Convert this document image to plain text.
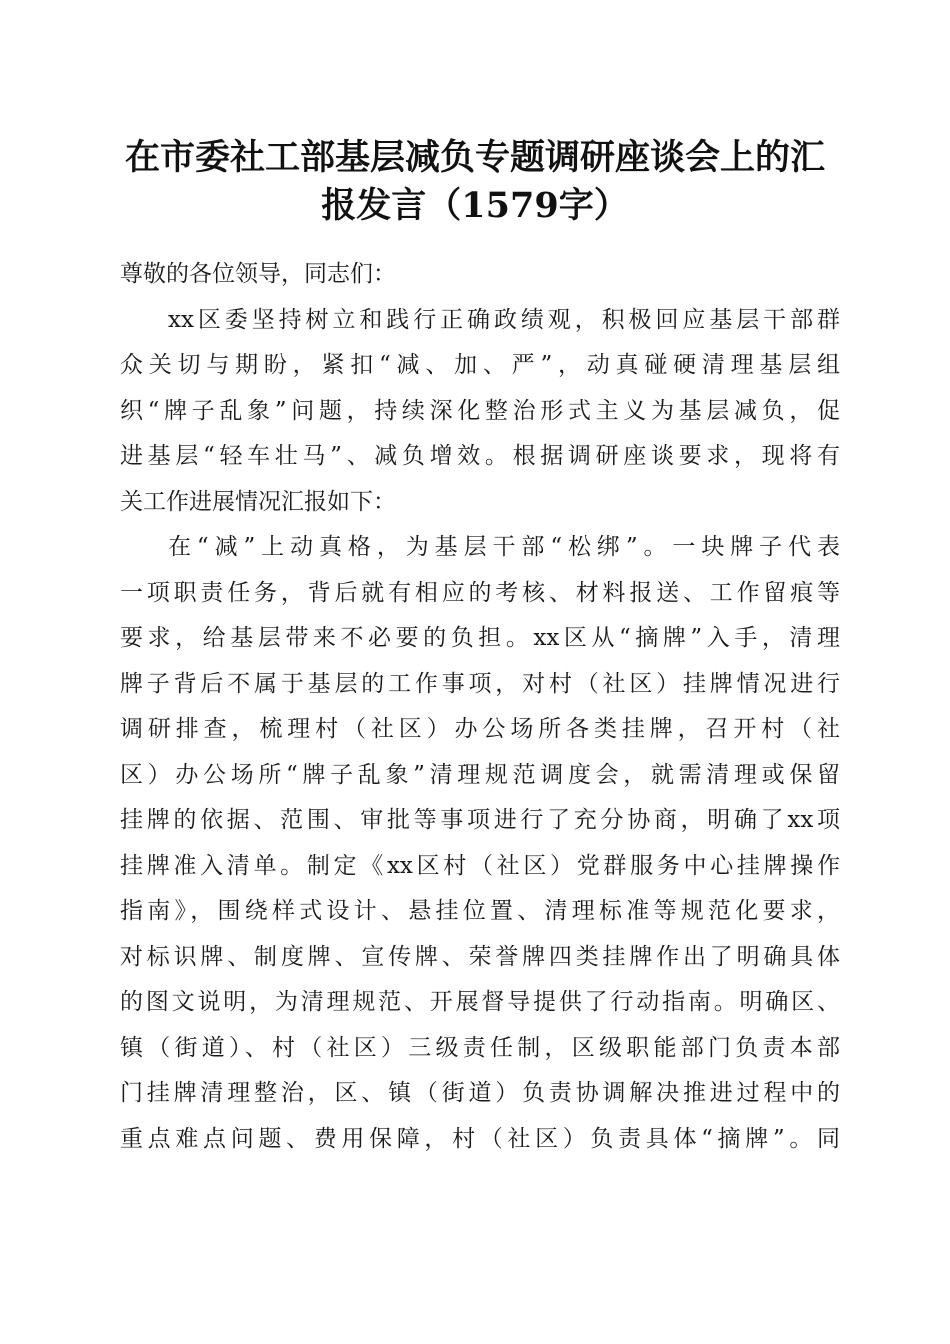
在市委社工部基层减负专题调研座谈会上的汇
报发言（1579字）
尊敬的各位领导，同志们：
xx区委坚持树立和践行正确政绩观，积极回应基层干部群
众关切与期盼，紧扣“减、加、严”，动真碰硬清理基层组
织“牌子乱象”问题，持续深化整治形式主义为基层减负，促
进基层“轻车壮马”、减负增效。根据调研座谈要求，现将有
关工作进展情况汇报如下：
在“减”上动真格，为基层干部“松绑”。一块牌子代表
一项职责任务，背后就有相应的考核、材料报送、工作留痕等
要求，给基层带来不必要的负担。xx区从“摘牌”入手，清理
牌子背后不属于基层的工作事项，对村（社区）挂牌情况进行
调研排查，梳理村（社区）办公场所各类挂牌，召开村（社
区）办公场所“牌子乱象”清理规范调度会，就需清理或保留
挂牌的依据、范围、审批等事项进行了充分协商，明确了xx项
挂牌准入清单。制定《xx区村（社区）党群服务中心挂牌操作
指南》，围绕样式设计、悬挂位置、清理标准等规范化要求，
对标识牌、制度牌、宣传牌、荣誉牌四类挂牌作出了明确具体
的图文说明，为清理规范、开展督导提供了行动指南。明确区、
镇（街道）、村（社区）三级责任制，区级职能部门负责本部
门挂牌清理整治，区、镇（街道）负责协调解决推进过程中的
重点难点问题、费用保障，村（社区）负责具体“摘牌”。同
